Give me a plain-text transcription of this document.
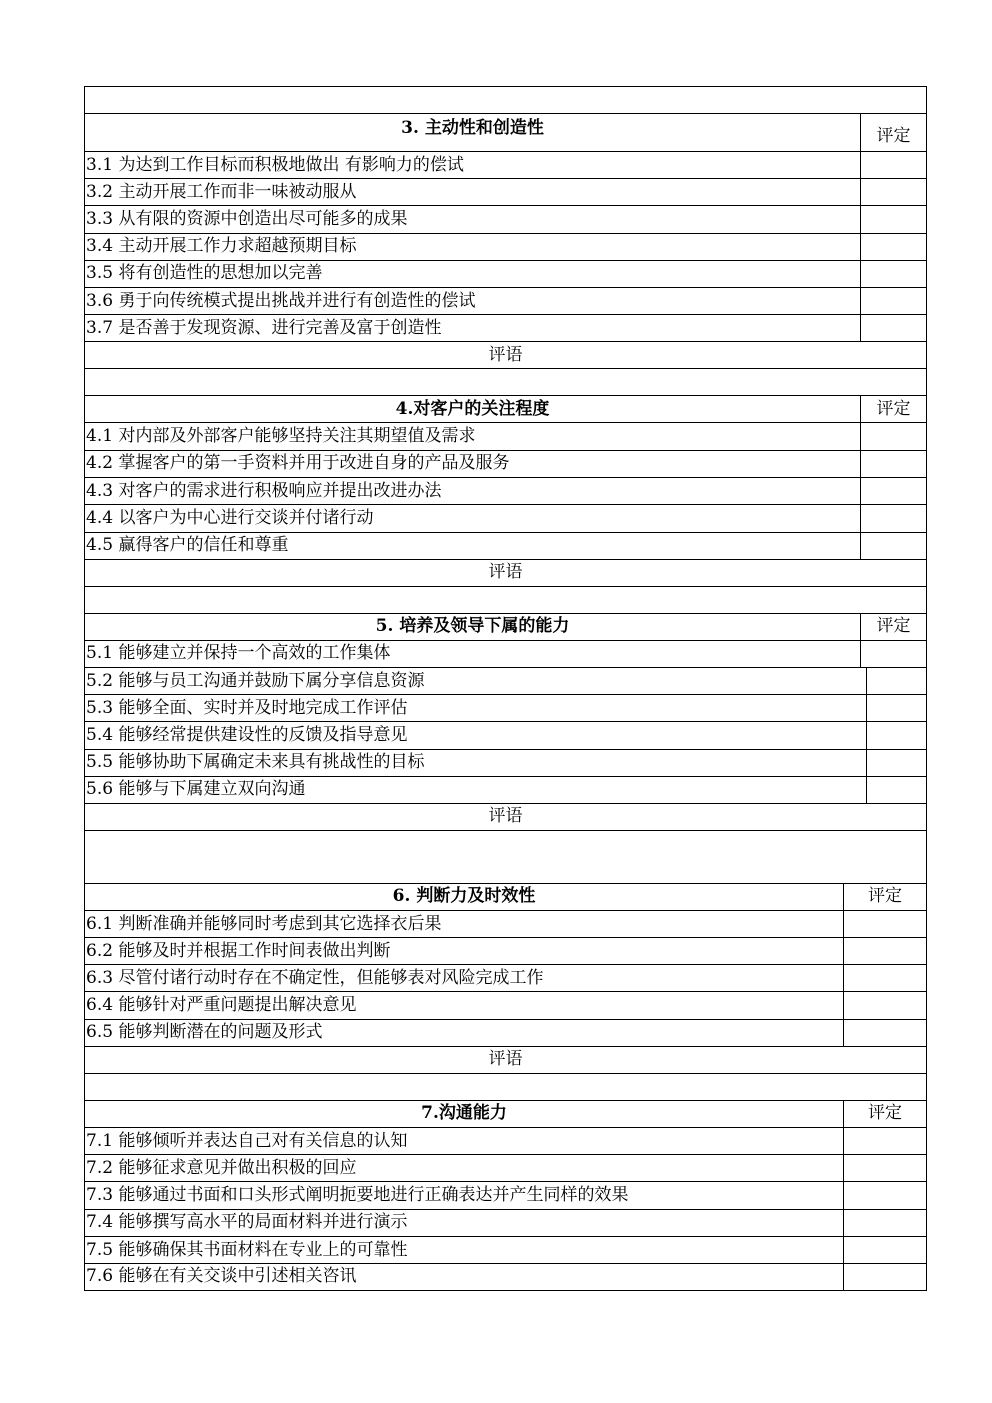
3. 主动性和创造性	评定
3.1 为达到工作目标而积极地做出 有影响力的偿试
3.2 主动开展工作而非一味被动服从
3.3 从有限的资源中创造出尽可能多的成果
3.4 主动开展工作力求超越预期目标
3.5 将有创造性的思想加以完善
3.6 勇于向传统模式提出挑战并进行有创造性的偿试
3.7 是否善于发现资源、进行完善及富于创造性
评语
4.对客户的关注程度	评定
4.1 对内部及外部客户能够坚持关注其期望值及需求
4.2 掌握客户的第一手资料并用于改进自身的产品及服务
4.3 对客户的需求进行积极响应并提出改进办法
4.4 以客户为中心进行交谈并付诸行动
4.5 赢得客户的信任和尊重
评语
5. 培养及领导下属的能力	评定
5.1 能够建立并保持一个高效的工作集体
5.2 能够与员工沟通并鼓励下属分享信息资源
5.3 能够全面、实时并及时地完成工作评估
5.4 能够经常提供建设性的反馈及指导意见
5.5 能够协助下属确定未来具有挑战性的目标
5.6 能够与下属建立双向沟通
评语
6. 判断力及时效性	评定
6.1 判断准确并能够同时考虑到其它选择衣后果
6.2 能够及时并根据工作时间表做出判断
6.3 尽管付诸行动时存在不确定性，但能够表对风险完成工作
6.4 能够针对严重问题提出解决意见
6.5 能够判断潜在的问题及形式
评语
7.沟通能力	评定
7.1 能够倾听并表达自己对有关信息的认知
7.2 能够征求意见并做出积极的回应
7.3 能够通过书面和口头形式阐明扼要地进行正确表达并产生同样的效果
7.4 能够撰写高水平的局面材料并进行演示
7.5 能够确保其书面材料在专业上的可靠性
7.6 能够在有关交谈中引述相关咨讯
